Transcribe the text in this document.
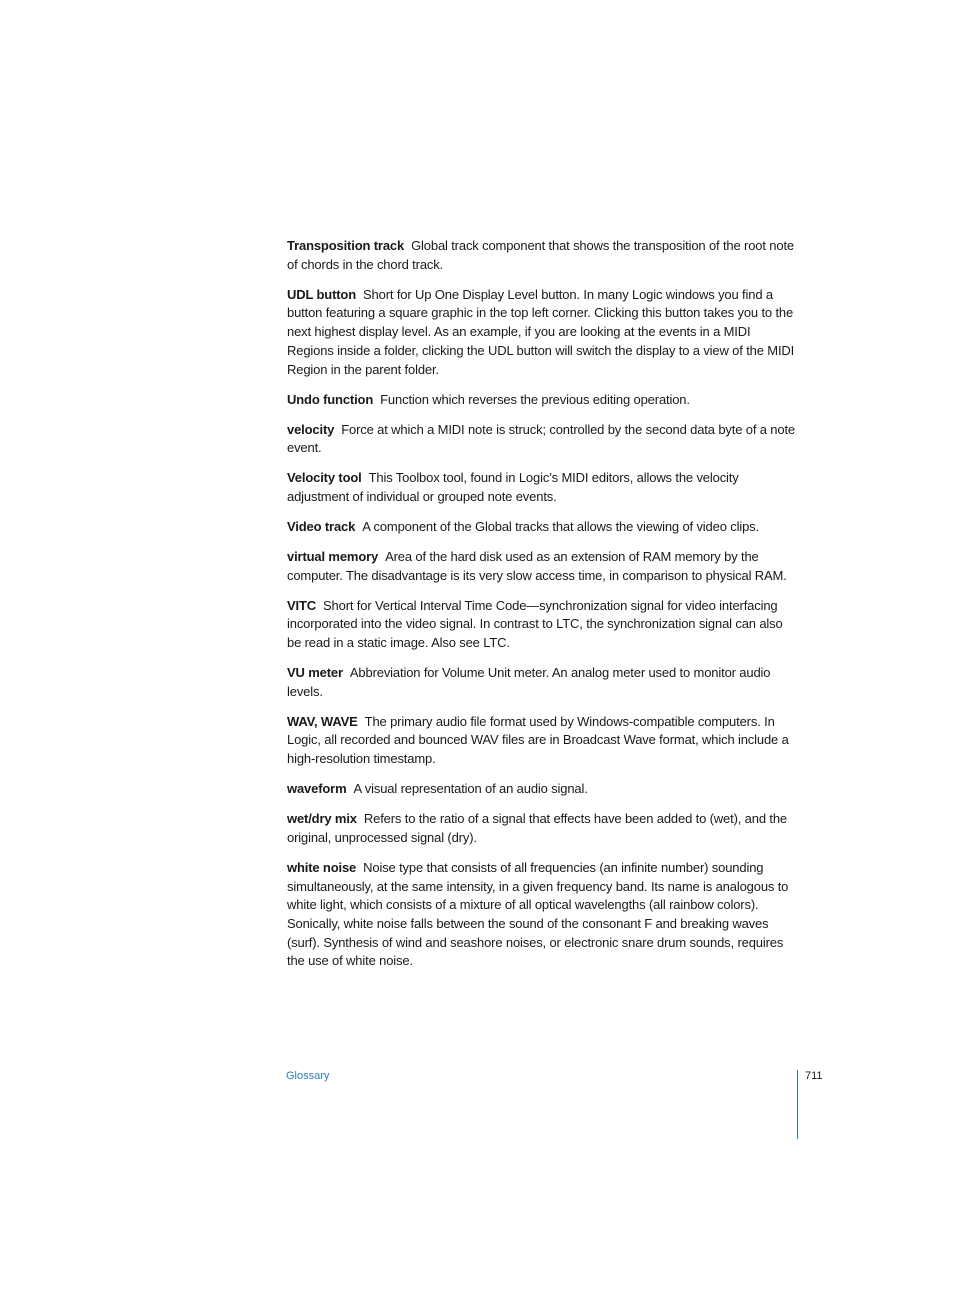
Transposition track Global track component that shows the transposition of the root note of chords in the chord track.

UDL button Short for Up One Display Level button. In many Logic windows you find a button featuring a square graphic in the top left corner. Clicking this button takes you to the next highest display level. As an example, if you are looking at the events in a MIDI Regions inside a folder, clicking the UDL button will switch the display to a view of the MIDI Region in the parent folder.

Undo function Function which reverses the previous editing operation.

velocity Force at which a MIDI note is struck; controlled by the second data byte of a note event.

Velocity tool This Toolbox tool, found in Logic’s MIDI editors, allows the velocity adjustment of individual or grouped note events.

Video track A component of the Global tracks that allows the viewing of video clips.

virtual memory Area of the hard disk used as an extension of RAM memory by the computer. The disadvantage is its very slow access time, in comparison to physical RAM.

VITC Short for Vertical Interval Time Code—synchronization signal for video interfacing incorporated into the video signal. In contrast to LTC, the synchronization signal can also be read in a static image. Also see LTC.

VU meter Abbreviation for Volume Unit meter. An analog meter used to monitor audio levels.

WAV, WAVE The primary audio file format used by Windows-compatible computers. In Logic, all recorded and bounced WAV files are in Broadcast Wave format, which include a high-resolution timestamp.

waveform A visual representation of an audio signal.

wet/dry mix Refers to the ratio of a signal that effects have been added to (wet), and the original, unprocessed signal (dry).

white noise Noise type that consists of all frequencies (an infinite number) sounding simultaneously, at the same intensity, in a given frequency band. Its name is analogous to white light, which consists of a mixture of all optical wavelengths (all rainbow colors). Sonically, white noise falls between the sound of the consonant F and breaking waves (surf). Synthesis of wind and seashore noises, or electronic snare drum sounds, requires the use of white noise.

Glossary	711
